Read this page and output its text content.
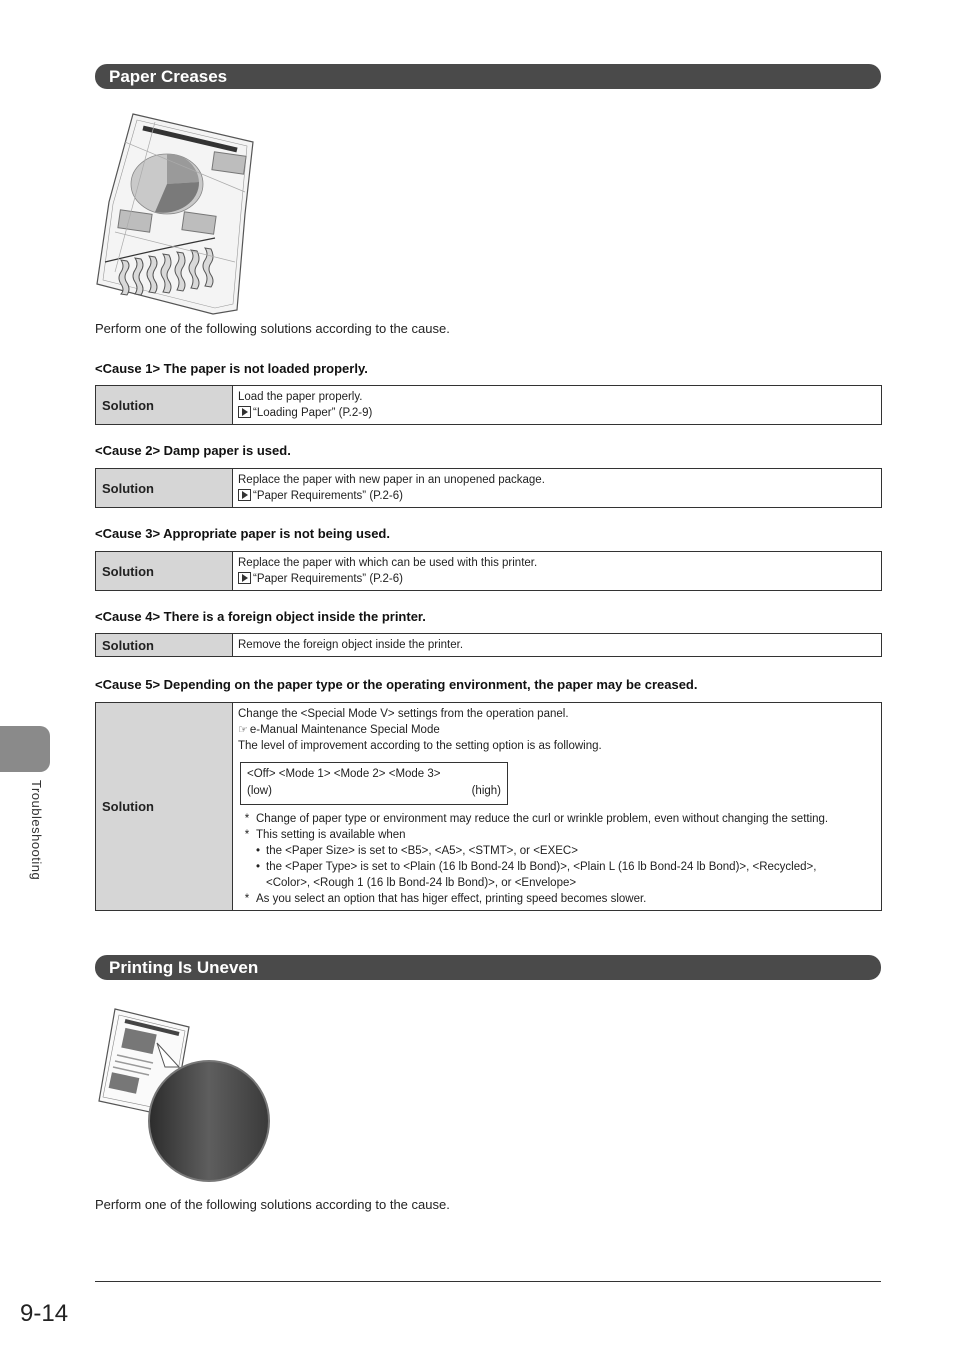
Paper Creases
Perform one of the following solutions according to the cause.
<Cause 1> The paper is not loaded properly.
Solution	
Load the paper properly.
“Loading Paper” (P.2-9)
<Cause 2> Damp paper is used.
Solution	
Replace the paper with new paper in an unopened package.
“Paper Requirements” (P.2-6)
<Cause 3> Appropriate paper is not being used.
Solution	
Replace the paper with which can be used with this printer.
“Paper Requirements” (P.2-6)
<Cause 4> There is a foreign object inside the printer.
Solution	Remove the foreign object inside the printer.
<Cause 5> Depending on the paper type or the operating environment, the paper may be creased.
Solution	
Change the <Special Mode V> settings from the operation panel.
☞ e-Manual Maintenance Special Mode
The level of improvement according to the setting option is as following.
<Off> <Mode 1> <Mode 2> <Mode 3>
(low)	(high)
* Change of paper type or environment may reduce the curl or wrinkle problem, even without changing the setting.
* This setting is available when
• the <Paper Size> is set to <B5>, <A5>, <STMT>, or <EXEC>
• the <Paper Type> is set to <Plain (16 lb Bond-24 lb Bond)>, <Plain L (16 lb Bond-24 lb Bond)>, <Recycled>,
<Color>, <Rough 1 (16 lb Bond-24 lb Bond)>, or <Envelope>
* As you select an option that has higer effect, printing speed becomes slower.
Printing Is Uneven
Perform one of the following solutions according to the cause.
Troubleshooting
9-14
